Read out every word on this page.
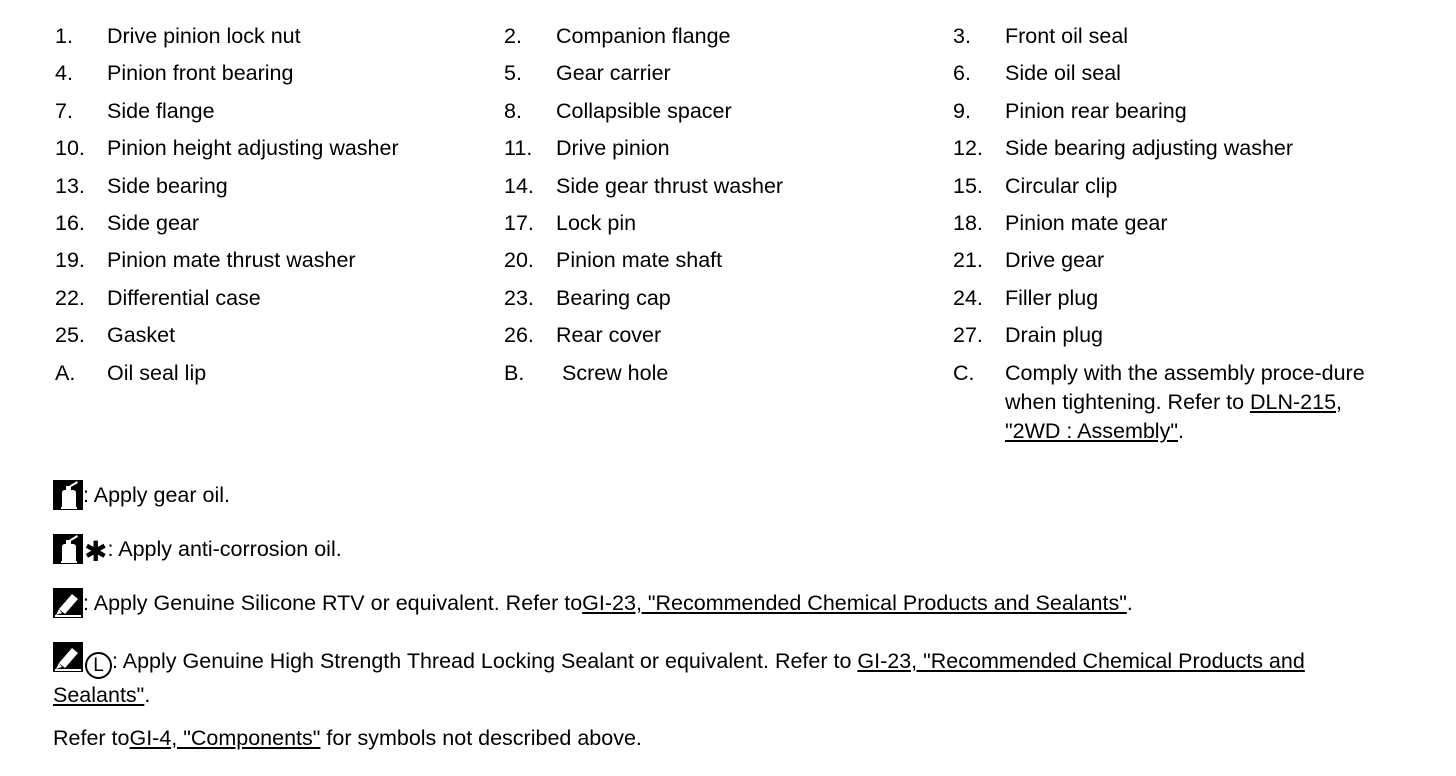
1.	Drive pinion lock nut	2.	Companion flange	3.	Front oil seal
4.	Pinion front bearing	5.	Gear carrier	6.	Side oil seal
7.	Side flange	8.	Collapsible spacer	9.	Pinion rear bearing
10.	Pinion height adjusting washer	11.	Drive pinion	12.	Side bearing adjusting washer
13.	Side bearing	14.	Side gear thrust washer	15.	Circular clip
16.	Side gear	17.	Lock pin	18.	Pinion mate gear
19.	Pinion mate thrust washer	20.	Pinion mate shaft	21.	Drive gear
22.	Differential case	23.	Bearing cap	24.	Filler plug
25.	Gasket	26.	Rear cover	27.	Drain plug
A.	Oil seal lip	B.	Screw hole	C.	Comply with the assembly proce-dure when tightening. Refer to DLN-215, "2WD : Assembly".
: Apply gear oil.
✱ : Apply anti-corrosion oil.
: Apply Genuine Silicone RTV or equivalent. Refer to GI-23, "Recommended Chemical Products and Sealants" .
L : Apply Genuine High Strength Thread Locking Sealant or equivalent. Refer to GI-23, "Recommended Chemical Products and Sealants".
Refer to GI-4, "Components" for symbols not described above.
